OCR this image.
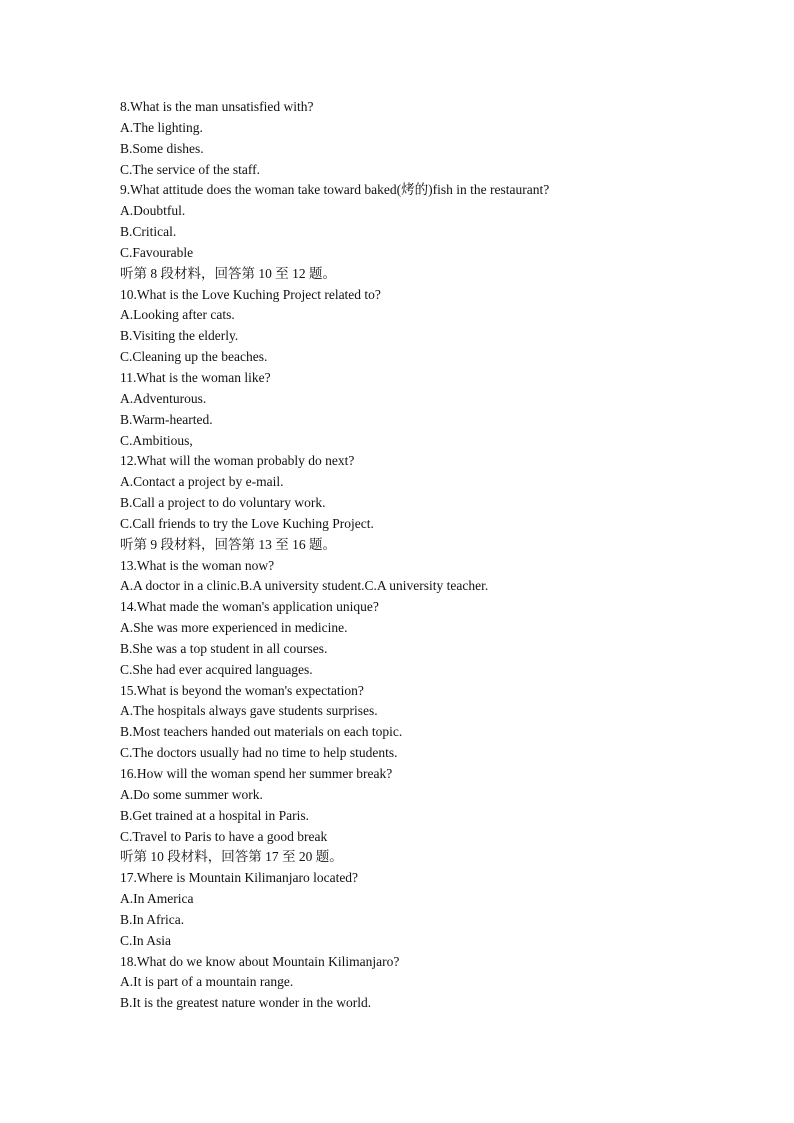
8.What is the man unsatisfied with?
A.The lighting.
B.Some dishes.
C.The service of the staff.
9.What attitude does the woman take toward baked(烤的)fish in the restaurant?
A.Doubtful.
B.Critical.
C.Favourable
听第 8 段材料，回答第 10 至 12 题。
10.What is the Love Kuching Project related to?
A.Looking after cats.
B.Visiting the elderly.
C.Cleaning up the beaches.
11.What is the woman like?
A.Adventurous.
B.Warm-hearted.
C.Ambitious,
12.What will the woman probably do next?
A.Contact a project by e-mail.
B.Call a project to do voluntary work.
C.Call friends to try the Love Kuching Project.
听第 9 段材料，回答第 13 至 16 题。
13.What is the woman now?
A.A doctor in a clinic.B.A university student.C.A university teacher.
14.What made the woman's application unique?
A.She was more experienced in medicine.
B.She was a top student in all courses.
C.She had ever acquired languages.
15.What is beyond the woman's expectation?
A.The hospitals always gave students surprises.
B.Most teachers handed out materials on each topic.
C.The doctors usually had no time to help students.
16.How will the woman spend her summer break?
A.Do some summer work.
B.Get trained at a hospital in Paris.
C.Travel to Paris to have a good break
听第 10 段材料，回答第 17 至 20 题。
17.Where is Mountain Kilimanjaro located?
A.In America
B.In Africa.
C.In Asia
18.What do we know about Mountain Kilimanjaro?
A.It is part of a mountain range.
B.It is the greatest nature wonder in the world.
